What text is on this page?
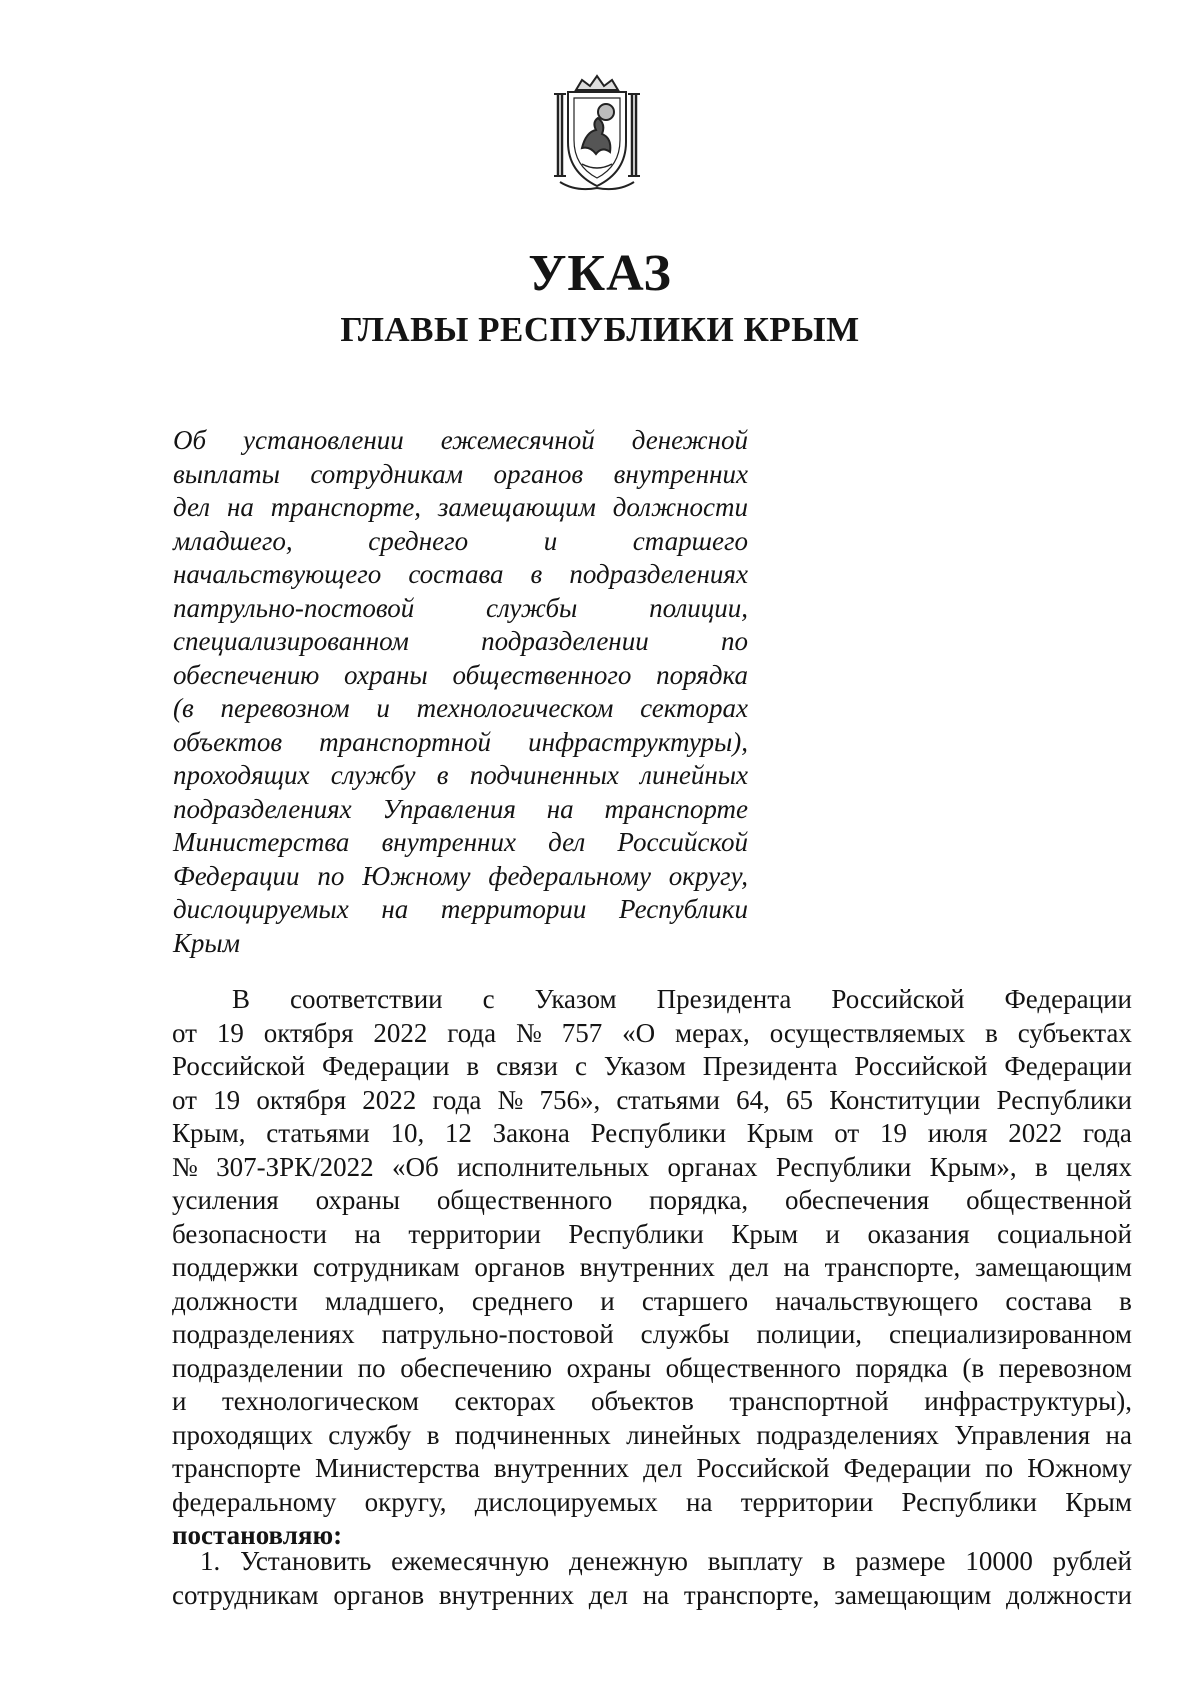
УКАЗ
ГЛАВЫ РЕСПУБЛИКИ КРЫМ
Об установлении ежемесячной денежной
выплаты сотрудникам органов внутренних
дел на транспорте, замещающим должности
младшего,	среднего	и	старшего
начальствующего состава в подразделениях
патрульно-постовой	службы	полиции,
специализированном	подразделении	по
обеспечению охраны общественного порядка
(в перевозном и технологическом секторах
объектов транспортной инфраструктуры),
проходящих службу в подчиненных линейных
подразделениях Управления на транспорте
Министерства внутренних дел Российской
Федерации по Южному федеральному округу,
дислоцируемых на территории Республики
Крым
В соответствии с Указом Президента Российской Федерации
от 19 октября 2022 года № 757 «О мерах, осуществляемых в субъектах
Российской Федерации в связи с Указом Президента Российской Федерации
от 19 октября 2022 года № 756», статьями 64, 65 Конституции Республики
Крым, статьями 10, 12 Закона Республики Крым от 19 июля 2022 года
№ 307-ЗРК/2022 «Об исполнительных органах Республики Крым», в целях
усиления охраны общественного порядка, обеспечения общественной
безопасности на территории Республики Крым и оказания социальной
поддержки сотрудникам органов внутренних дел на транспорте, замещающим
должности младшего, среднего и старшего начальствующего состава в
подразделениях патрульно-постовой службы полиции, специализированном
подразделении по обеспечению охраны общественного порядка (в перевозном
и технологическом секторах объектов транспортной инфраструктуры),
проходящих службу в подчиненных линейных подразделениях Управления на
транспорте Министерства внутренних дел Российской Федерации по Южному
федеральному округу, дислоцируемых на территории Республики Крым
постановляю:
1. Установить ежемесячную денежную выплату в размере 10000 рублей
сотрудникам органов внутренних дел на транспорте, замещающим должности
